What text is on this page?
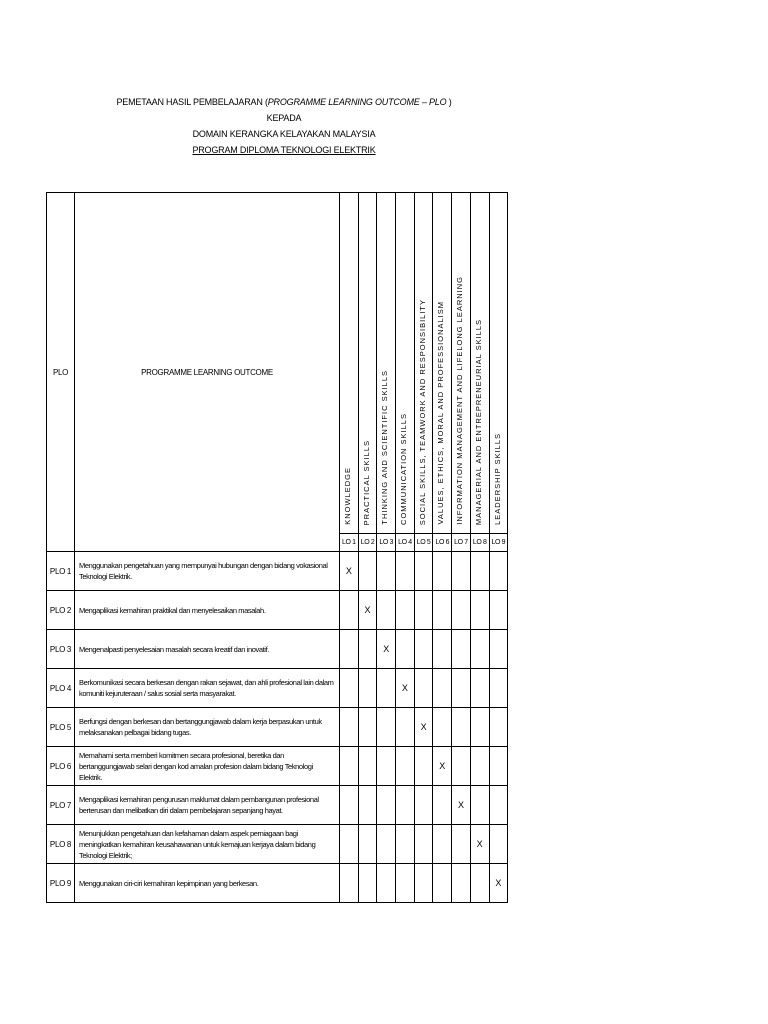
PEMETAAN HASIL PEMBELAJARAN (PROGRAMME LEARNING OUTCOME – PLO )
KEPADA
DOMAIN KERANGKA KELAYAKAN MALAYSIA
PROGRAM DIPLOMA TEKNOLOGI ELEKTRIK
PLO	PROGRAMME LEARNING OUTCOME	KNOWLEDGE	PRACTICAL SKILLS	THINKING AND SCIENTIFIC SKILLS	COMMUNICATION SKILLS	SOCIAL SKILLS, TEAMWORK AND RESPONSIBILITY	VALUES, ETHICS, MORAL AND PROFESSIONALISM	INFORMATION MANAGEMENT AND LIFELONG LEARNING	MANAGERIAL AND ENTREPRENEURIAL SKILLS	LEADERSHIP SKILLS
		LO 1	LO 2	LO 3	LO 4	LO 5	LO 6	LO 7	LO 8	LO 9
PLO 1	Menggunakan pengetahuan yang mempunyai hubungan dengan bidang vokasional Teknologi Elektrik.	X								
PLO 2	Mengaplikasi kemahiran praktikal dan menyelesaikan masalah.		X							
PLO 3	Mengenalpasti penyelesaian masalah secara kreatif dan inovatif.			X						
PLO 4	Berkomunikasi secara berkesan dengan rakan sejawat, dan ahli profesional lain dalam komuniti kejuruteraan / salus sosial serta masyarakat.				X					
PLO 5	Berfungsi dengan berkesan dan bertanggungjawab dalam kerja berpasukan untuk melaksanakan pelbagai bidang tugas.					X				
PLO 6	Memahami serta memberi komitmen secara profesional, beretika dan bertanggungjawab selari dengan kod amalan profesion dalam bidang Teknologi Elektrik.						X			
PLO 7	Mengaplikasi kemahiran pengurusan maklumat dalam pembangunan profesional berterusan dan melibatkan diri dalam pembelajaran sepanjang hayat.							X		
PLO 8	Menunjukkan pengetahuan dan kefahaman dalam aspek perniagaan bagi meningkatkan kemahiran keusahawanan untuk kemajuan kerjaya dalam bidang Teknologi Elektrik;								X	
PLO 9	Menggunakan ciri-ciri kemahiran kepimpinan yang berkesan.									X
